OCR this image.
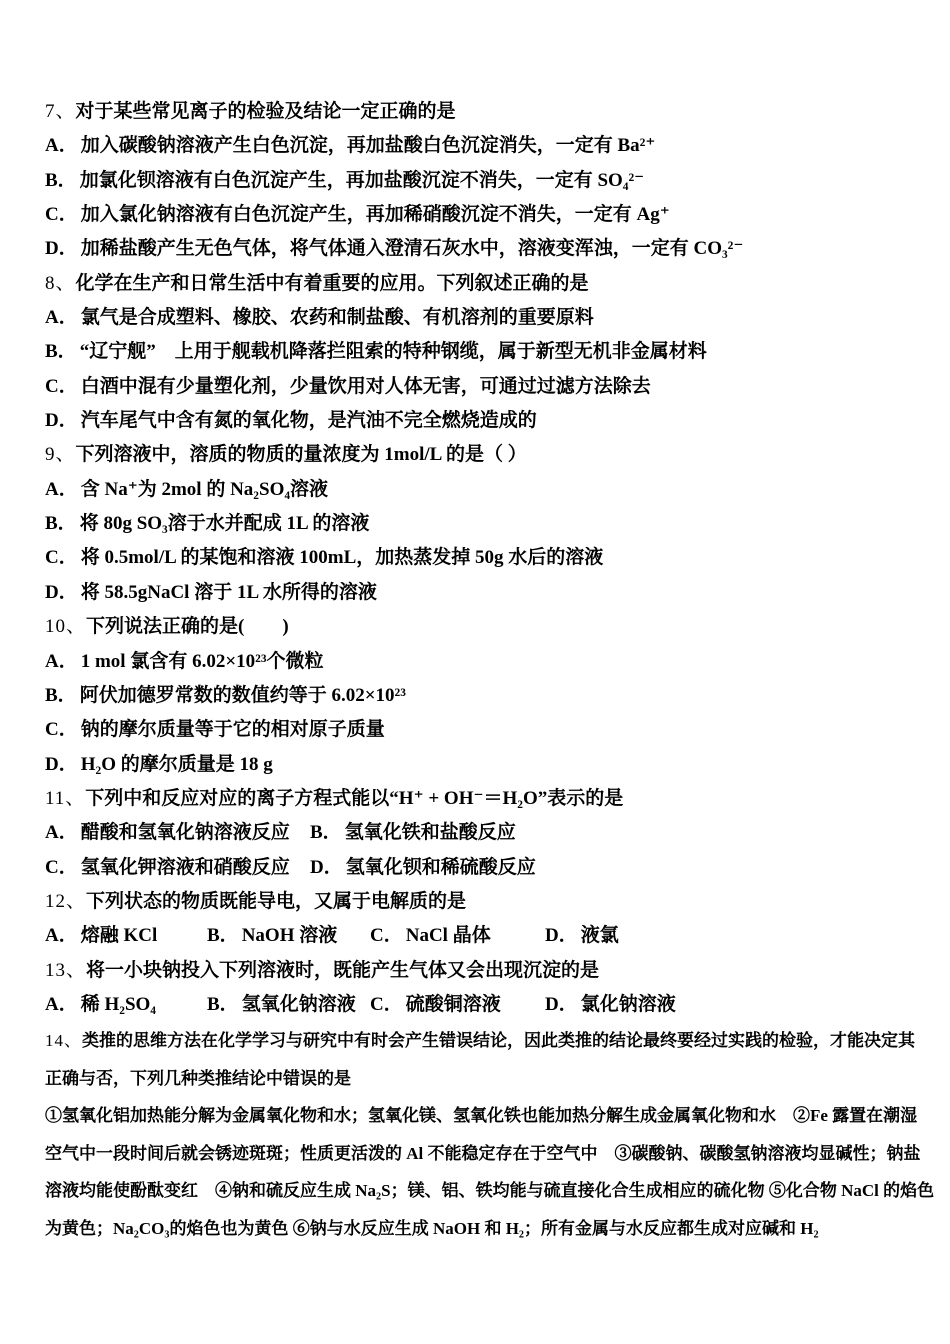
7、对于某些常见离子的检验及结论一定正确的是
A． 加入碳酸钠溶液产生白色沉淀，再加盐酸白色沉淀消失，一定有 Ba²⁺
B． 加氯化钡溶液有白色沉淀产生，再加盐酸沉淀不消失，一定有 SO₄²⁻
C． 加入氯化钠溶液有白色沉淀产生，再加稀硝酸沉淀不消失，一定有 Ag⁺
D． 加稀盐酸产生无色气体，将气体通入澄清石灰水中，溶液变浑浊，一定有 CO₃²⁻
8、化学在生产和日常生活中有着重要的应用。下列叙述正确的是
A． 氯气是合成塑料、橡胶、农药和制盐酸、有机溶剂的重要原料
B． “辽宁舰”　上用于舰载机降落拦阻索的特种钢缆，属于新型无机非金属材料
C． 白酒中混有少量塑化剂，少量饮用对人体无害，可通过过滤方法除去
D． 汽车尾气中含有氮的氧化物，是汽油不完全燃烧造成的
9、下列溶液中，溶质的物质的量浓度为 1mol/L 的是（ ）
A． 含 Na⁺为 2mol 的 Na₂SO₄溶液
B． 将 80g SO₃溶于水并配成 1L 的溶液
C． 将 0.5mol/L 的某饱和溶液 100mL，加热蒸发掉 50g 水后的溶液
D． 将 58.5gNaCl 溶于 1L 水所得的溶液
10、下列说法正确的是(　　)
A． 1 mol 氯含有 6.02×10²³个微粒
B． 阿伏加德罗常数的数值约等于 6.02×10²³
C． 钠的摩尔质量等于它的相对原子质量
D． H₂O 的摩尔质量是 18 g
11、下列中和反应对应的离子方程式能以“H⁺ + OH⁻＝H₂O”表示的是
A． 醋酸和氢氧化钠溶液反应 B． 氢氧化铁和盐酸反应
C． 氢氧化钾溶液和硝酸反应 D． 氢氧化钡和稀硫酸反应
12、下列状态的物质既能导电，又属于电解质的是
A． 熔融 KCl	B． NaOH 溶液 C． NaCl 晶体	D． 液氯
13、将一小块钠投入下列溶液时，既能产生气体又会出现沉淀的是
A． 稀 H₂SO₄	B． 氢氧化钠溶液 C． 硫酸铜溶液 D． 氯化钠溶液
14、类推的思维方法在化学学习与研究中有时会产生错误结论，因此类推的结论最终要经过实践的检验，才能决定其
正确与否，下列几种类推结论中错误的是
①氢氧化铝加热能分解为金属氧化物和水；氢氧化镁、氢氧化铁也能加热分解生成金属氧化物和水　②Fe 露置在潮湿
空气中一段时间后就会锈迹斑斑；性质更活泼的 Al 不能稳定存在于空气中　③碳酸钠、碳酸氢钠溶液均显碱性；钠盐
溶液均能使酚酞变红　④钠和硫反应生成 Na₂S；镁、铝、铁均能与硫直接化合生成相应的硫化物 ⑤化合物 NaCl 的焰色
为黄色；Na₂CO₃的焰色也为黄色 ⑥钠与水反应生成 NaOH 和 H₂；所有金属与水反应都生成对应碱和 H₂
